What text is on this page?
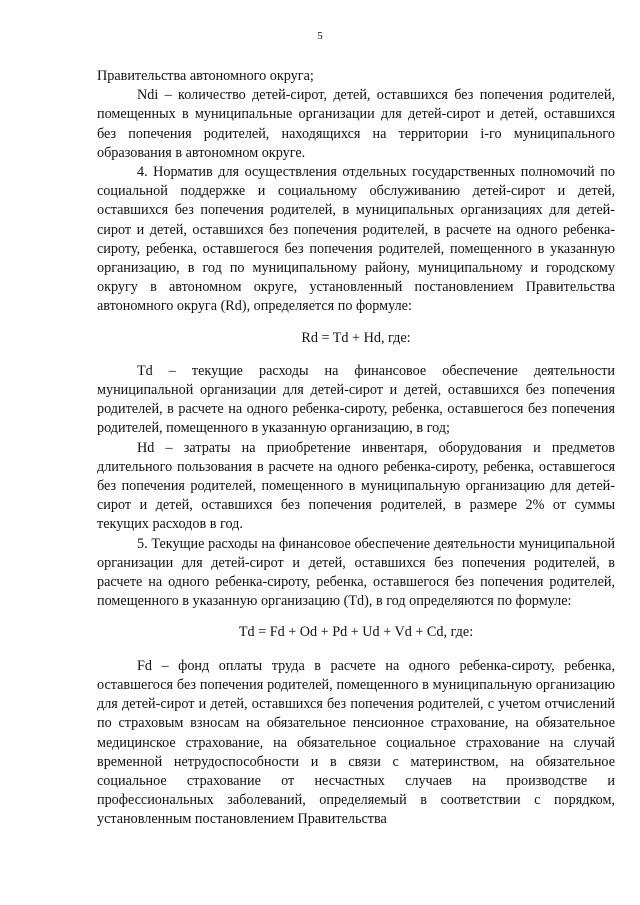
5

Правительства автономного округа;

Ndi – количество детей-сирот, детей, оставшихся без попечения родителей, помещенных в муниципальные организации для детей-сирот и детей, оставшихся без попечения родителей, находящихся на территории i-го муниципального образования в автономном округе.

4. Норматив для осуществления отдельных государственных полномочий по социальной поддержке и социальному обслуживанию детей-сирот и детей, оставшихся без попечения родителей, в муниципальных организациях для детей-сирот и детей, оставшихся без попечения родителей, в расчете на одного ребенка-сироту, ребенка, оставшегося без попечения родителей, помещенного в указанную организацию, в год по муниципальному району, муниципальному и городскому округу в автономном округе, установленный постановлением Правительства автономного округа (Rd), определяется по формуле:

Rd = Td + Hd, где:

Td – текущие расходы на финансовое обеспечение деятельности муниципальной организации для детей-сирот и детей, оставшихся без попечения родителей, в расчете на одного ребенка-сироту, ребенка, оставшегося без попечения родителей, помещенного в указанную организацию, в год;

Hd – затраты на приобретение инвентаря, оборудования и предметов длительного пользования в расчете на одного ребенка-сироту, ребенка, оставшегося без попечения родителей, помещенного в муниципальную организацию для детей-сирот и детей, оставшихся без попечения родителей, в размере 2% от суммы текущих расходов в год.

5. Текущие расходы на финансовое обеспечение деятельности муниципальной организации для детей-сирот и детей, оставшихся без попечения родителей, в расчете на одного ребенка-сироту, ребенка, оставшегося без попечения родителей, помещенного в указанную организацию (Td), в год определяются по формуле:

Td = Fd + Od + Pd + Ud + Vd + Cd, где:

Fd – фонд оплаты труда в расчете на одного ребенка-сироту, ребенка, оставшегося без попечения родителей, помещенного в муниципальную организацию для детей-сирот и детей, оставшихся без попечения родителей, с учетом отчислений по страховым взносам на обязательное пенсионное страхование, на обязательное медицинское страхование, на обязательное социальное страхование на случай временной нетрудоспособности и в связи с материнством, на обязательное социальное страхование от несчастных случаев на производстве и профессиональных заболеваний, определяемый в соответствии с порядком, установленным постановлением Правительства
